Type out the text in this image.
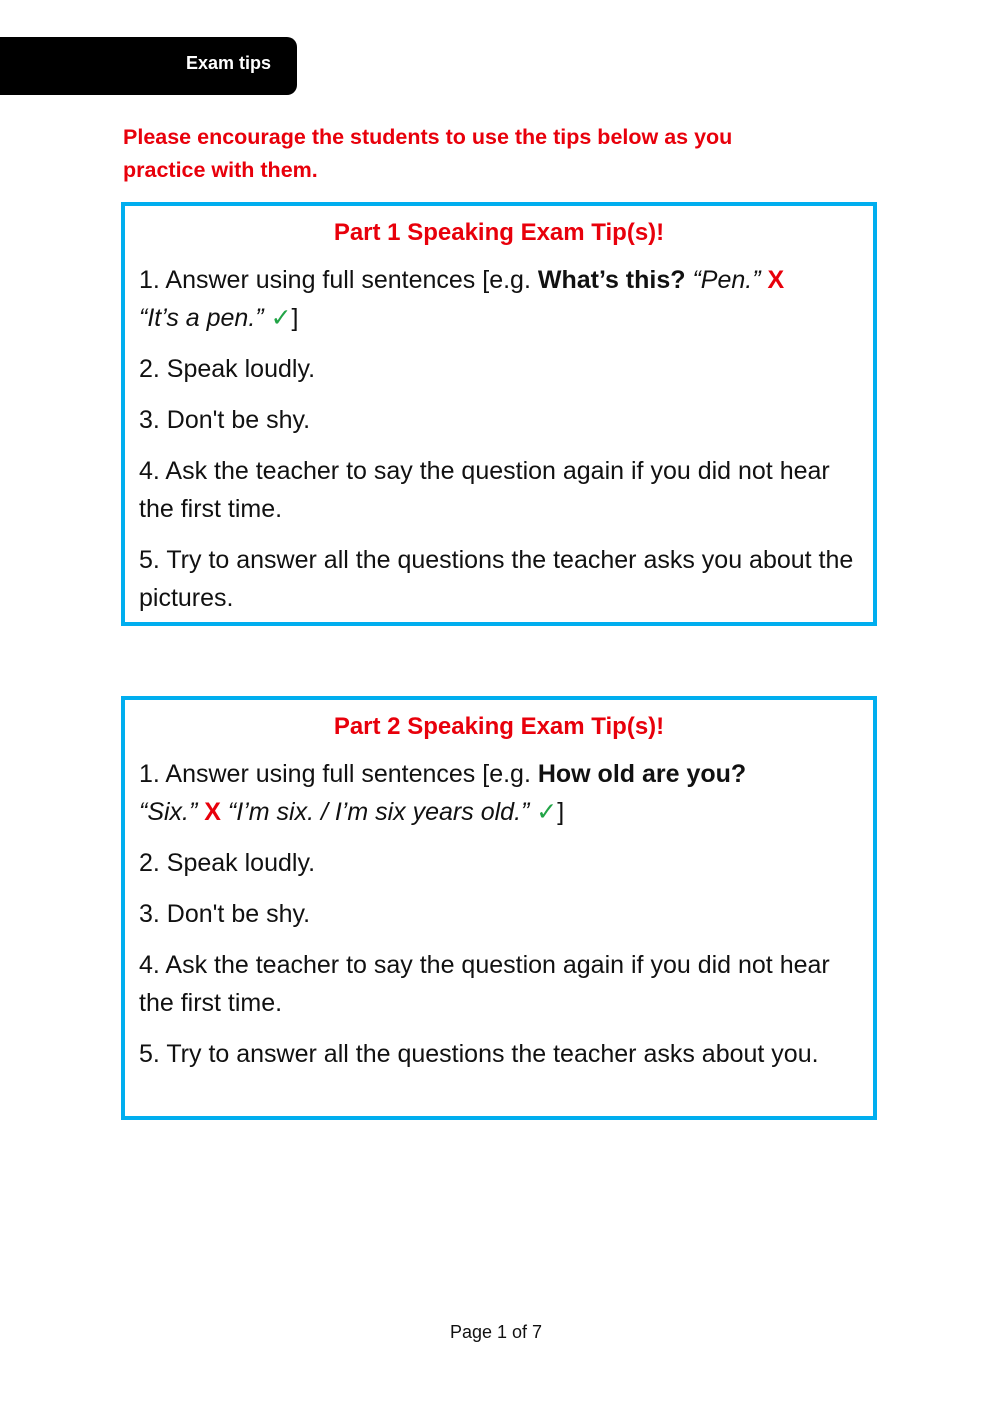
Exam tips
Please encourage the students to use the tips below as you
practice with them.
Part 1 Speaking Exam Tip(s)!
1. Answer using full sentences [e.g. What’s this? “Pen.” X
“It’s a pen.” ✓]
2. Speak loudly.
3. Don't be shy.
4. Ask the teacher to say the question again if you did not hear the first time.
5. Try to answer all the questions the teacher asks you about the pictures.
Part 2 Speaking Exam Tip(s)!
1. Answer using full sentences [e.g. How old are you?
“Six.” X “I’m six. / I’m six years old.” ✓]
2. Speak loudly.
3. Don't be shy.
4. Ask the teacher to say the question again if you did not hear the first time.
5. Try to answer all the questions the teacher asks about you.
Page 1 of 7
